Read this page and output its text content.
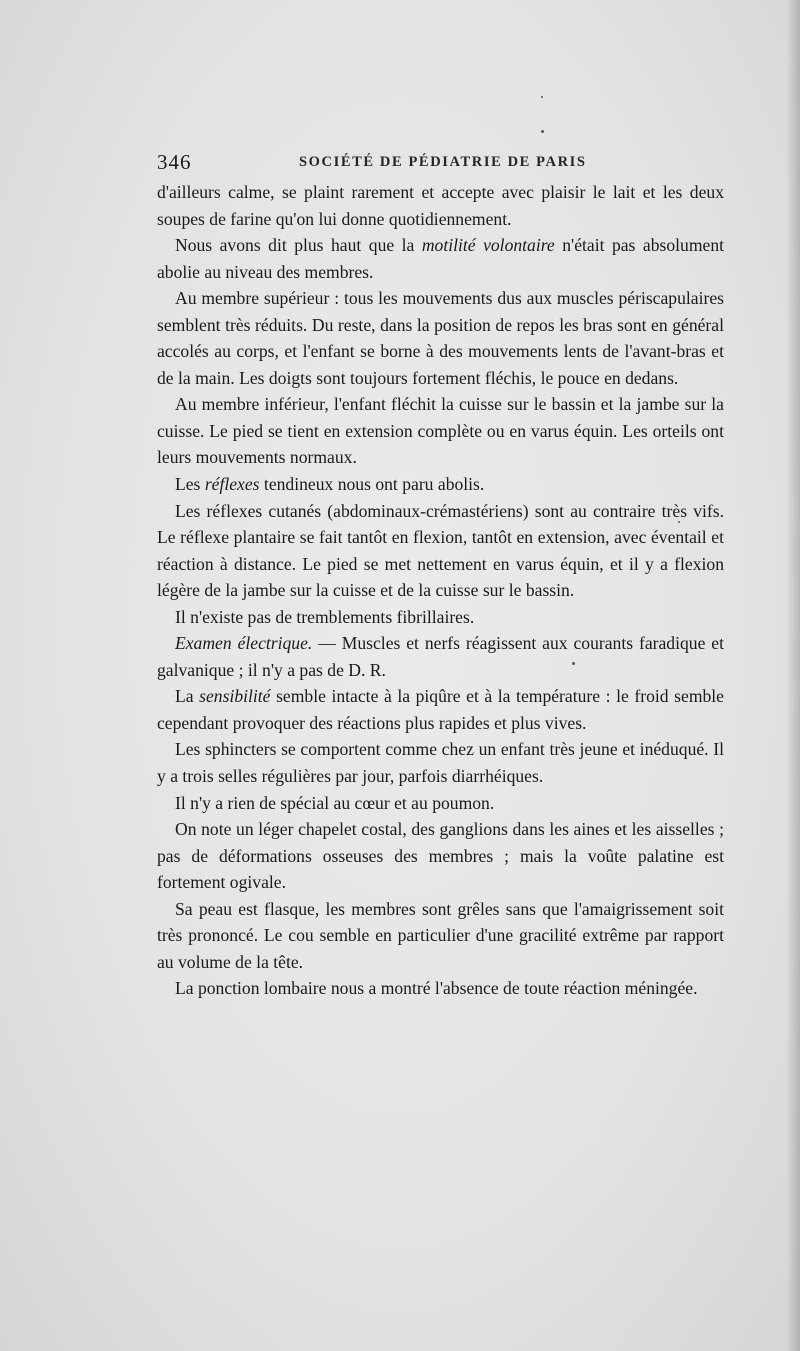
346	SOCIÉTÉ DE PÉDIATRIE DE PARIS

d'ailleurs calme, se plaint rarement et accepte avec plaisir le lait et les deux soupes de farine qu'on lui donne quotidiennement.

Nous avons dit plus haut que la motilité volontaire n'était pas absolument abolie au niveau des membres.

Au membre supérieur : tous les mouvements dus aux muscles périscapulaires semblent très réduits. Du reste, dans la position de repos les bras sont en général accolés au corps, et l'enfant se borne à des mouvements lents de l'avant-bras et de la main. Les doigts sont toujours fortement fléchis, le pouce en dedans.

Au membre inférieur, l'enfant fléchit la cuisse sur le bassin et la jambe sur la cuisse. Le pied se tient en extension complète ou en varus équin. Les orteils ont leurs mouvements normaux.

Les réflexes tendineux nous ont paru abolis.

Les réflexes cutanés (abdominaux-crémastériens) sont au contraire très vifs. Le réflexe plantaire se fait tantôt en flexion, tantôt en extension, avec éventail et réaction à distance. Le pied se met nettement en varus équin, et il y a flexion légère de la jambe sur la cuisse et de la cuisse sur le bassin.

Il n'existe pas de tremblements fibrillaires.

Examen électrique. — Muscles et nerfs réagissent aux courants faradique et galvanique ; il n'y a pas de D. R.

La sensibilité semble intacte à la piqûre et à la température : le froid semble cependant provoquer des réactions plus rapides et plus vives.

Les sphincters se comportent comme chez un enfant très jeune et inéduqué. Il y a trois selles régulières par jour, parfois diarrhéiques.

Il n'y a rien de spécial au cœur et au poumon.

On note un léger chapelet costal, des ganglions dans les aines et les aisselles ; pas de déformations osseuses des membres ; mais la voûte palatine est fortement ogivale.

Sa peau est flasque, les membres sont grêles sans que l'amaigrissement soit très prononcé. Le cou semble en particulier d'une gracilité extrême par rapport au volume de la tête.

La ponction lombaire nous a montré l'absence de toute réaction méningée.
